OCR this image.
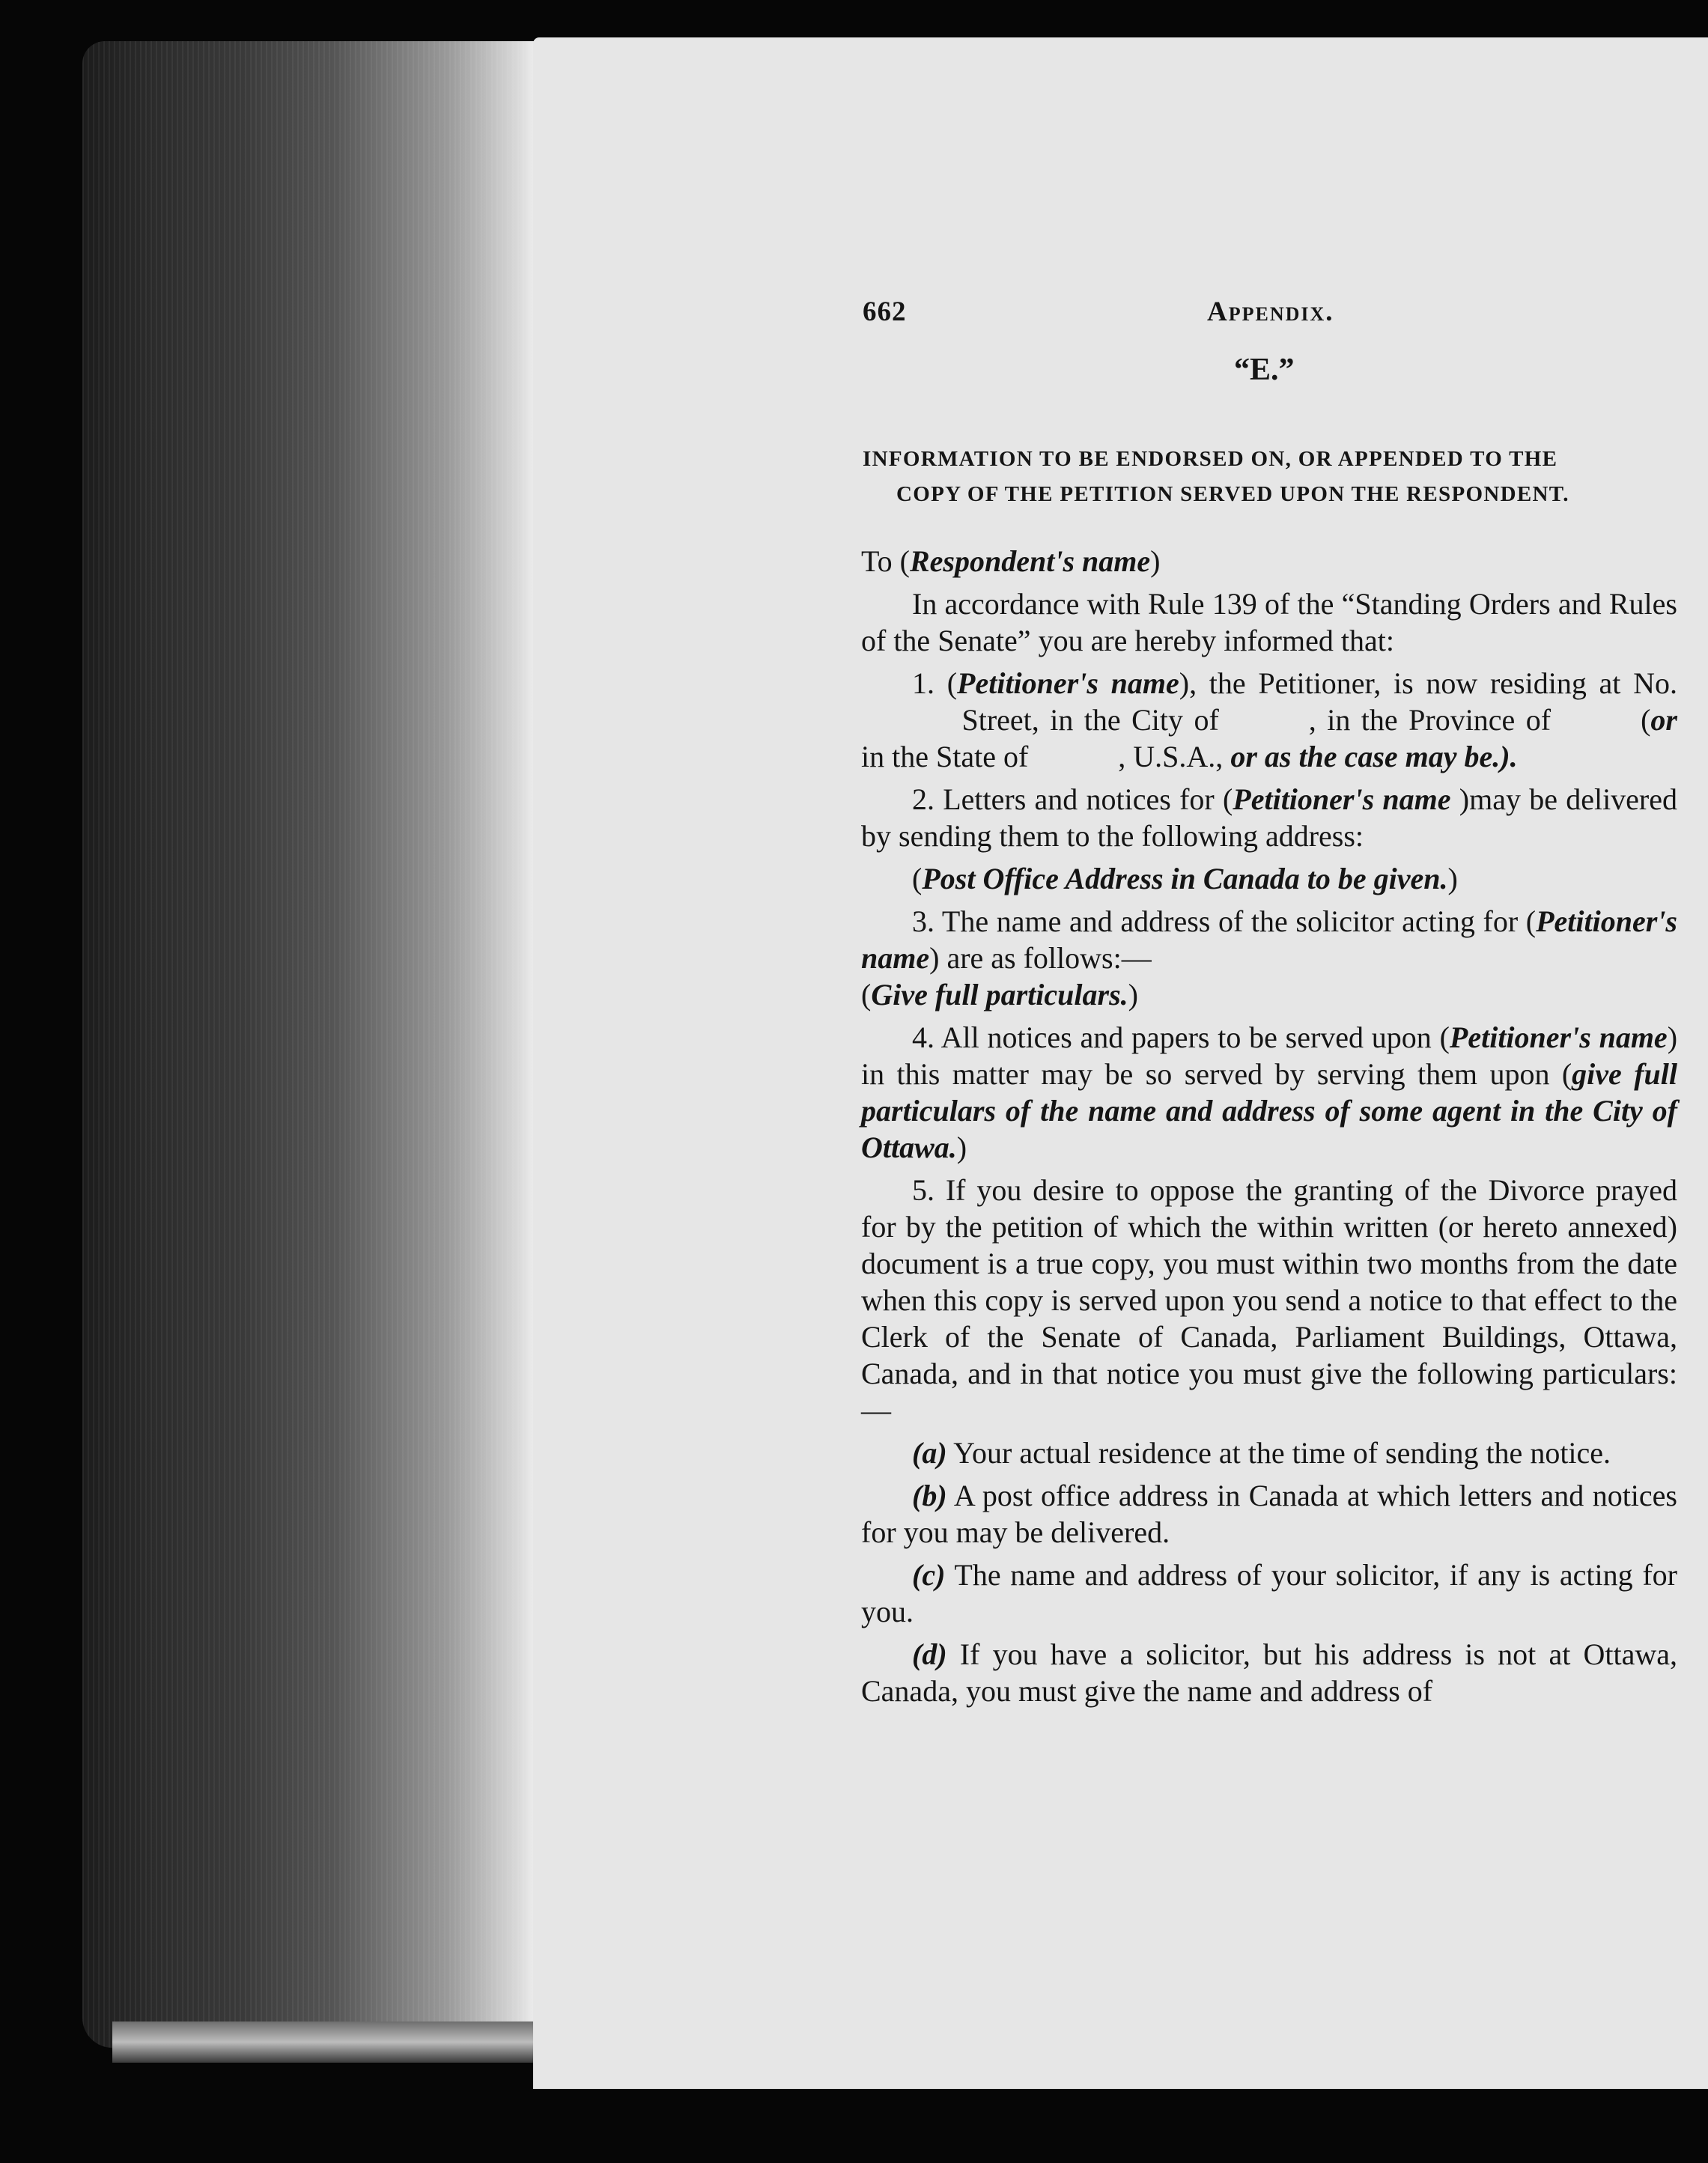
662	Appendix.
“E.”
INFORMATION TO BE ENDORSED ON, OR APPENDED TO THE
COPY OF THE PETITION SERVED UPON THE RESPONDENT.

To (Respondent's name)

In accordance with Rule 139 of the “Standing Orders and Rules of the Senate” you are hereby informed that:

1. (Petitioner's name), the Petitioner, is now residing at No. Street, in the City of	, in the Province of	(or in the State of	, U.S.A., or as the case may be.).

2. Letters and notices for (Petitioner's name )may be delivered by sending them to the following address:

(Post Office Address in Canada to be given.)

3. The name and address of the solicitor acting for (Petitioner's name) are as follows:—
(Give full particulars.)

4. All notices and papers to be served upon (Petitioner's name) in this matter may be so served by serving them upon (give full particulars of the name and address of some agent in the City of Ottawa.)

5. If you desire to oppose the granting of the Divorce prayed for by the petition of which the within written (or hereto annexed) document is a true copy, you must within two months from the date when this copy is served upon you send a notice to that effect to the Clerk of the Senate of Canada, Parliament Buildings, Ottawa, Canada, and in that notice you must give the following particulars:—

(a) Your actual residence at the time of sending the notice.

(b) A post office address in Canada at which letters and notices for you may be delivered.

(c) The name and address of your solicitor, if any is acting for you.

(d) If you have a solicitor, but his address is not at Ottawa, Canada, you must give the name and address of
